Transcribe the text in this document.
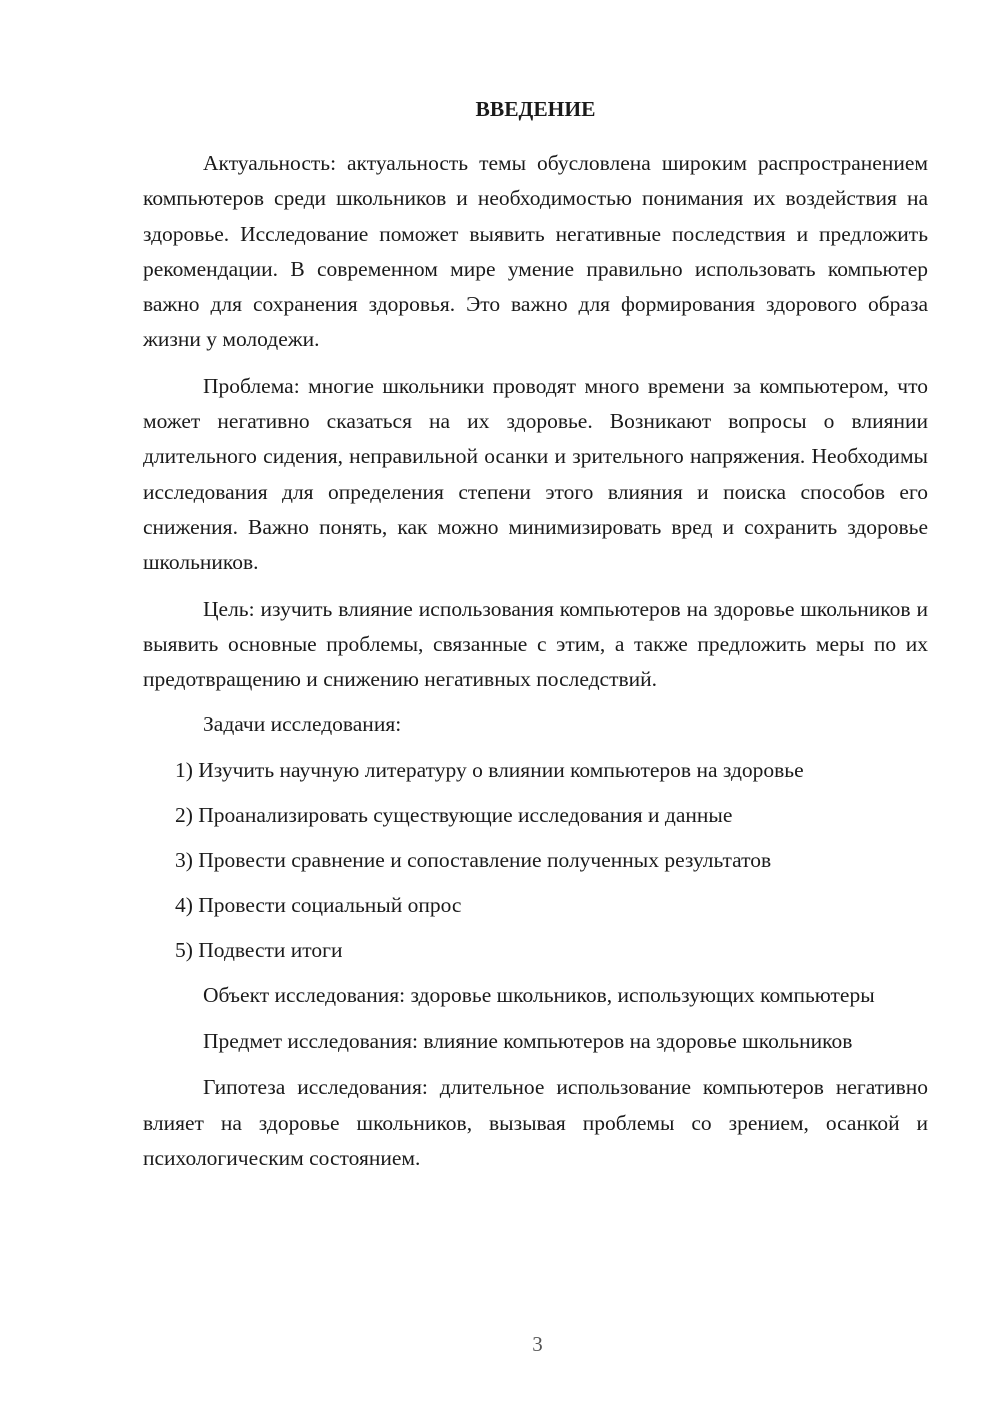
ВВЕДЕНИЕ

Актуальность: актуальность темы обусловлена широким распространением компьютеров среди школьников и необходимостью понимания их воздействия на здоровье. Исследование поможет выявить негативные последствия и предложить рекомендации. В современном мире умение правильно использовать компьютер важно для сохранения здоровья. Это важно для формирования здорового образа жизни у молодежи.

Проблема: многие школьники проводят много времени за компьютером, что может негативно сказаться на их здоровье. Возникают вопросы о влиянии длительного сидения, неправильной осанки и зрительного напряжения. Необходимы исследования для определения степени этого влияния и поиска способов его снижения. Важно понять, как можно минимизировать вред и сохранить здоровье школьников.

Цель: изучить влияние использования компьютеров на здоровье школьников и выявить основные проблемы, связанные с этим, а также предложить меры по их предотвращению и снижению негативных последствий.

Задачи исследования:

1) Изучить научную литературу о влиянии компьютеров на здоровье
2) Проанализировать существующие исследования и данные
3) Провести сравнение и сопоставление полученных результатов
4) Провести социальный опрос
5) Подвести итоги

Объект исследования: здоровье школьников, использующих компьютеры

Предмет исследования: влияние компьютеров на здоровье школьников

Гипотеза исследования: длительное использование компьютеров негативно влияет на здоровье школьников, вызывая проблемы со зрением, осанкой и психологическим состоянием.

3
